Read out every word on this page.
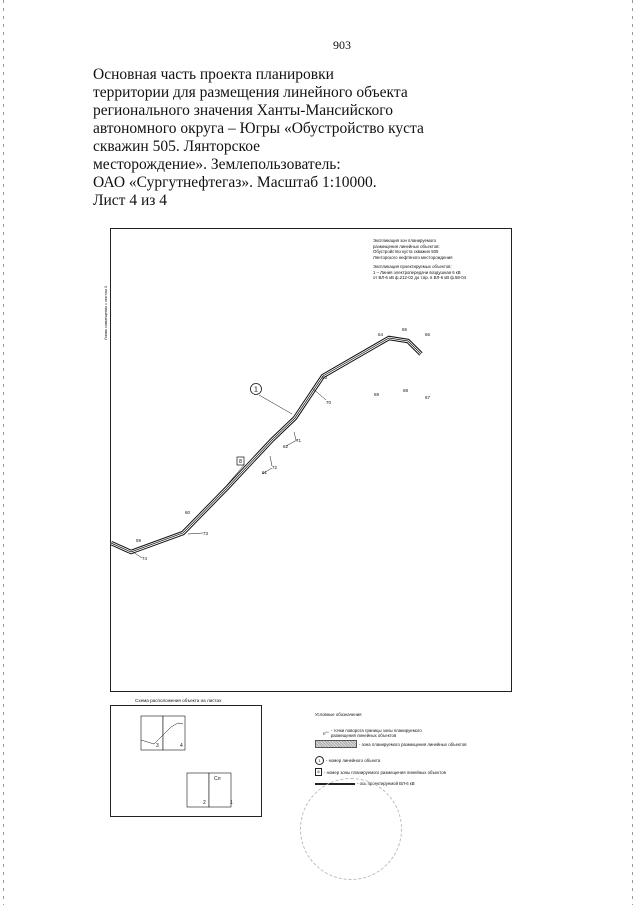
903
Основная часть проекта планировки
территории для размещения линейного объекта
регионального значения Ханты-Мансийского
автономного округа – Югры «Обустройство куста
скважин 505. Лянторское
месторождение». Землепользователь:
ОАО «Сургутнефтегаз». Масштаб 1:10000.
Лист 4 из 4
Линия совмещения с листом 3
Экспликация зон планируемого
размещения линейных объектов:
Обустройство куста скважин 505
Лянторского нефтяного месторождения
Экспликация проектируемых объектов:
1 – Линия электропередачи воздушная 6 кВ
от ВЛ-6 кВ ф.212-02 до т.вр. в ВЛ-6 кВ ф.58-04
1
8
59
60
61
62
63
64
65
66
67
68
69
70
71
72
73
74
Схема расположения объекта на листах
3	4
2	1
Сл
Условные обозначения
n°° - точки поворота границы зоны планируемого
размещения линейных объектов
- зона планируемого размещения линейных объектов
1	- номер линейного объекта
8	- номер зоны планируемого размещения линейных объектов
- ось проектируемой ВЛ-6 кВ
